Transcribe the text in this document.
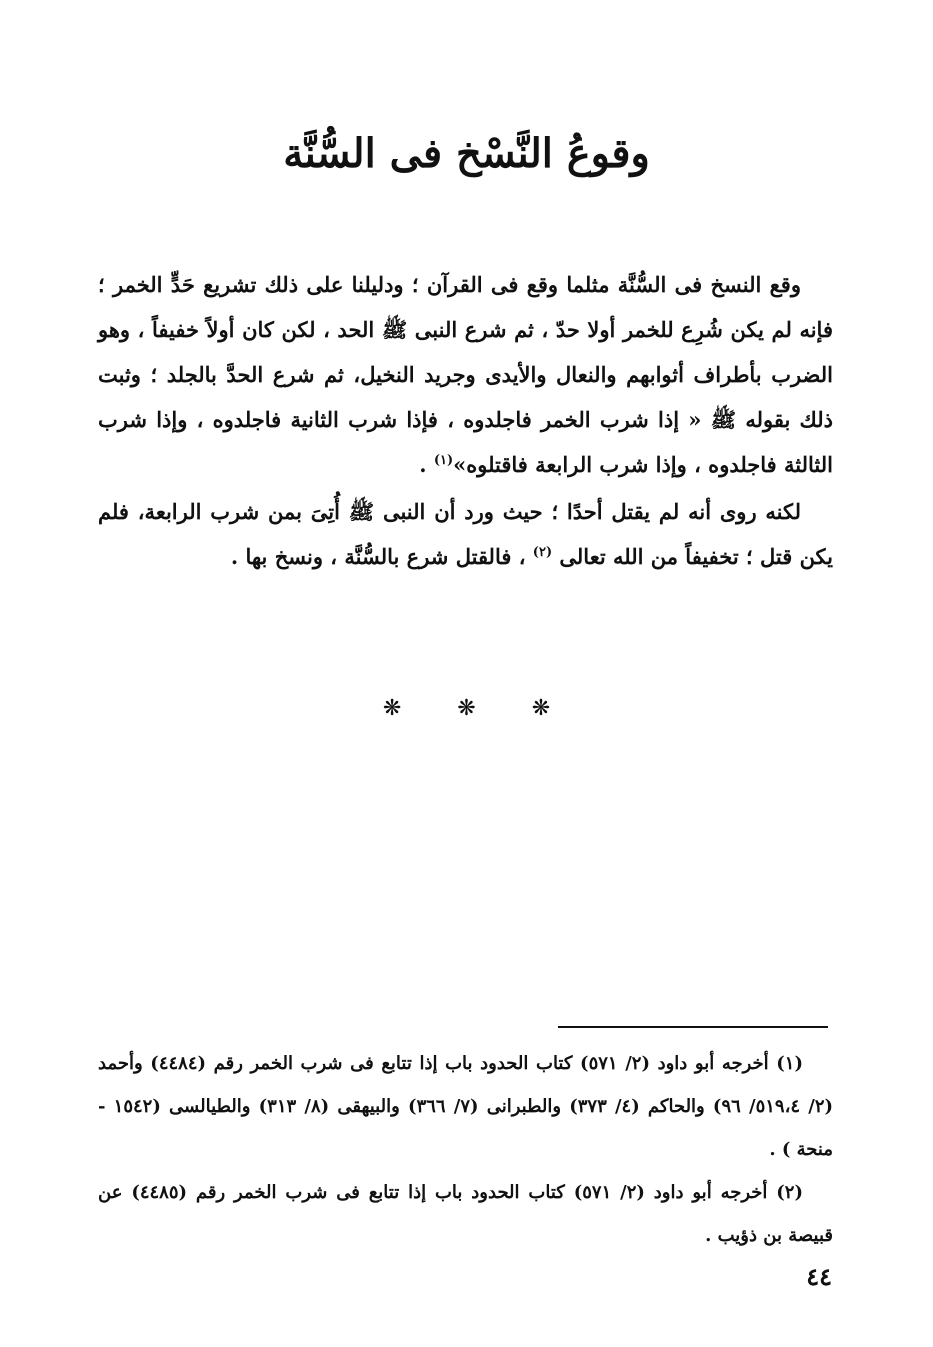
وقوعُ النَّسْخ فى السُّنَّة

وقع النسخ فى السُّنَّة مثلما وقع فى القرآن ؛ ودليلنا على ذلك تشريع حَدٍّ الخمر ؛ فإنه لم يكن شُرِع للخمر أولا حدّ ، ثم شرع النبى ﷺ الحد ، لكن كان أولاً خفيفاً ، وهو الضرب بأطراف أثوابهم والنعال والأيدى وجريد النخيل، ثم شرع الحدَّ بالجلد ؛ وثبت ذلك بقوله ﷺ « إذا شرب الخمر فاجلدوه ، فإذا شرب الثانية فاجلدوه ، وإذا شرب الثالثة فاجلدوه ، وإذا شرب الرابعة فاقتلوه»$^{(١)}$ .

لكنه روى أنه لم يقتل أحدًا ؛ حيث ورد أن النبى ﷺ أُتِىَ بمن شرب الرابعة، فلم يكن قتل ؛ تخفيفاً من الله تعالى $^{(٢)}$ ، فالقتل شرع بالسُّنَّة ، ونسخ بها .

❋	❋	❋

(١) أخرجه أبو داود (٢/ ٥٧١) كتاب الحدود باب إذا تتابع فى شرب الخمر رقم (٤٤٨٤) وأحمد (٢/ ٥١٩،٤/ ٩٦) والحاكم (٤/ ٣٧٣) والطبرانى (٧/ ٣٦٦) والبيهقى (٨/ ٣١٣) والطيالسى (١٥٤٢ - منحة ) .

(٢) أخرجه أبو داود (٢/ ٥٧١) كتاب الحدود باب إذا تتابع فى شرب الخمر رقم (٤٤٨٥) عن قبيصة بن ذؤيب .

٤٤
